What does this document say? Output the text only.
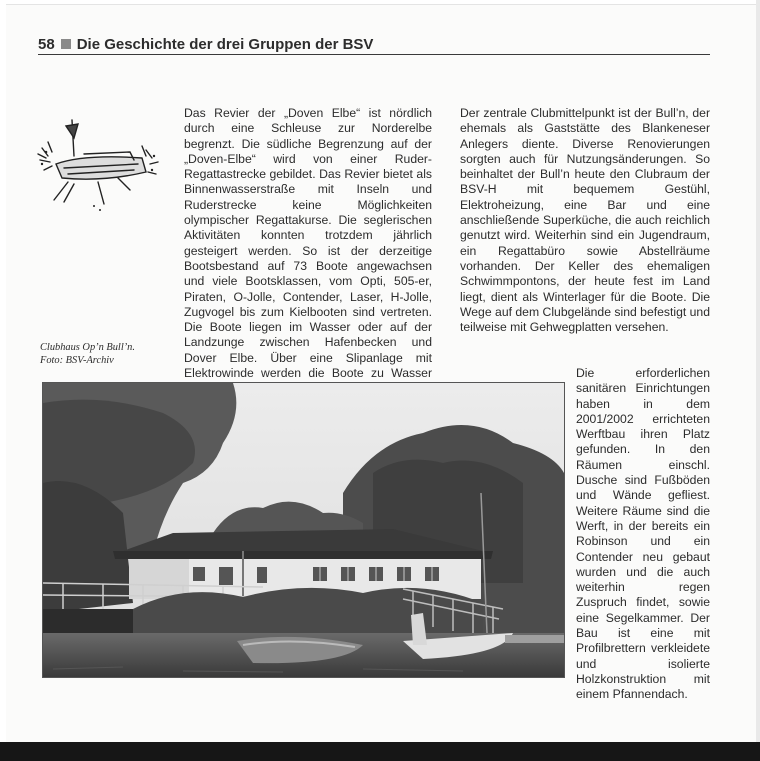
58 Die Geschichte der drei Gruppen der BSV

Das Revier der „Doven Elbe“ ist nördlich durch eine Schleuse zur Norderelbe begrenzt. Die südliche Begrenzung auf der „Doven-Elbe“ wird von einer Ruder-Regattastrecke gebildet. Das Revier bietet als Binnenwasserstraße mit Inseln und Ruderstrecke keine Möglichkeiten olympischer Regattakurse. Die seglerischen Aktivitäten konnten trotzdem jährlich gesteigert werden. So ist der derzeitige Bootsbestand auf 73 Boote angewachsen und viele Bootsklassen, vom Opti, 505-er, Piraten, O-Jolle, Contender, Laser, H-Jolle, Zugvogel bis zum Kielbooten sind vertreten. Die Boote liegen im Wasser oder auf der Landzunge zwischen Hafenbecken und Dover Elbe. Über eine Slipanlage mit Elektrowinde werden die Boote zu Wasser

Der zentrale Clubmittelpunkt ist der Bull’n, der ehemals als Gaststätte des Blankeneser Anlegers diente. Diverse Renovierungen sorgten auch für Nutzungsänderungen. So beinhaltet der Bull’n heute den Clubraum der BSV-H mit bequemem Gestühl, Elektroheizung, eine Bar und eine anschließende Superküche, die auch reichlich genutzt wird. Weiterhin sind ein Jugendraum, ein Regattabüro sowie Abstellräume vorhanden. Der Keller des ehemaligen Schwimmpontons, der heute fest im Land liegt, dient als Winterlager für die Boote. Die Wege auf dem Clubgelände sind befestigt und teilweise mit Gehwegplatten versehen.

Clubhaus Op’n Bull’n.
Foto: BSV-Archiv

Die erforderlichen sanitären Einrichtungen haben in dem 2001/2002 errichteten Werftbau ihren Platz gefunden. In den Räumen einschl. Dusche sind Fußböden und Wände gefliest. Weitere Räume sind die Werft, in der bereits ein Robinson und ein Contender neu gebaut wurden und die auch weiterhin regen Zuspruch findet, sowie eine Segelkammer. Der Bau ist eine mit Profilbrettern verkleidete und isolierte Holzkonstruktion mit einem Pfannendach.
